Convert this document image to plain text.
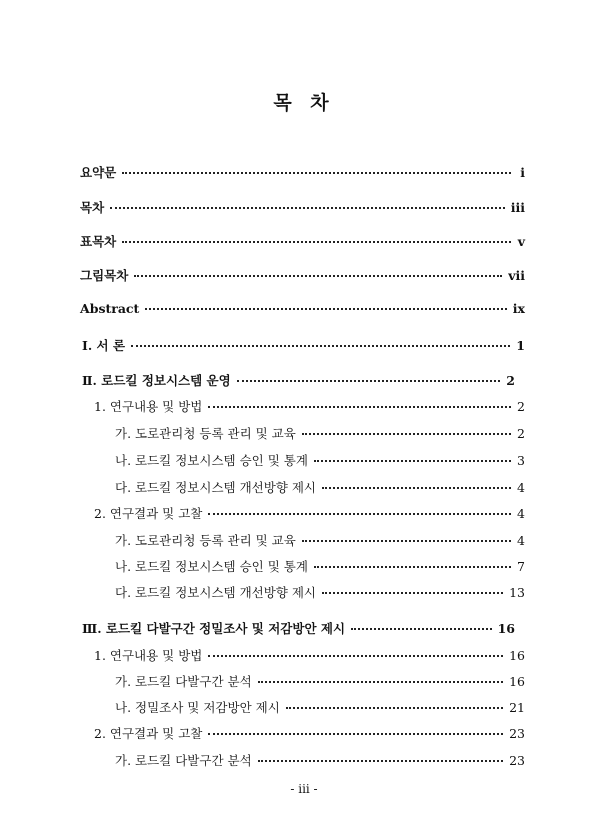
목 차
요약문	i
목차	iii
표목차	v
그림목차	vii
Abstract	ix
Ⅰ. 서 론	1
Ⅱ. 로드킬 정보시스템 운영	2
1. 연구내용 및 방법	2
가. 도로관리청 등록 관리 및 교육	2
나. 로드킬 정보시스템 승인 및 통계	3
다. 로드킬 정보시스템 개선방향 제시	4
2. 연구결과 및 고찰	4
가. 도로관리청 등록 관리 및 교육	4
나. 로드킬 정보시스템 승인 및 통계	7
다. 로드킬 정보시스템 개선방향 제시	13
Ⅲ. 로드킬 다발구간 정밀조사 및 저감방안 제시	16
1. 연구내용 및 방법	16
가. 로드킬 다발구간 분석	16
나. 정밀조사 및 저감방안 제시	21
2. 연구결과 및 고찰	23
가. 로드킬 다발구간 분석	23
- iii -
